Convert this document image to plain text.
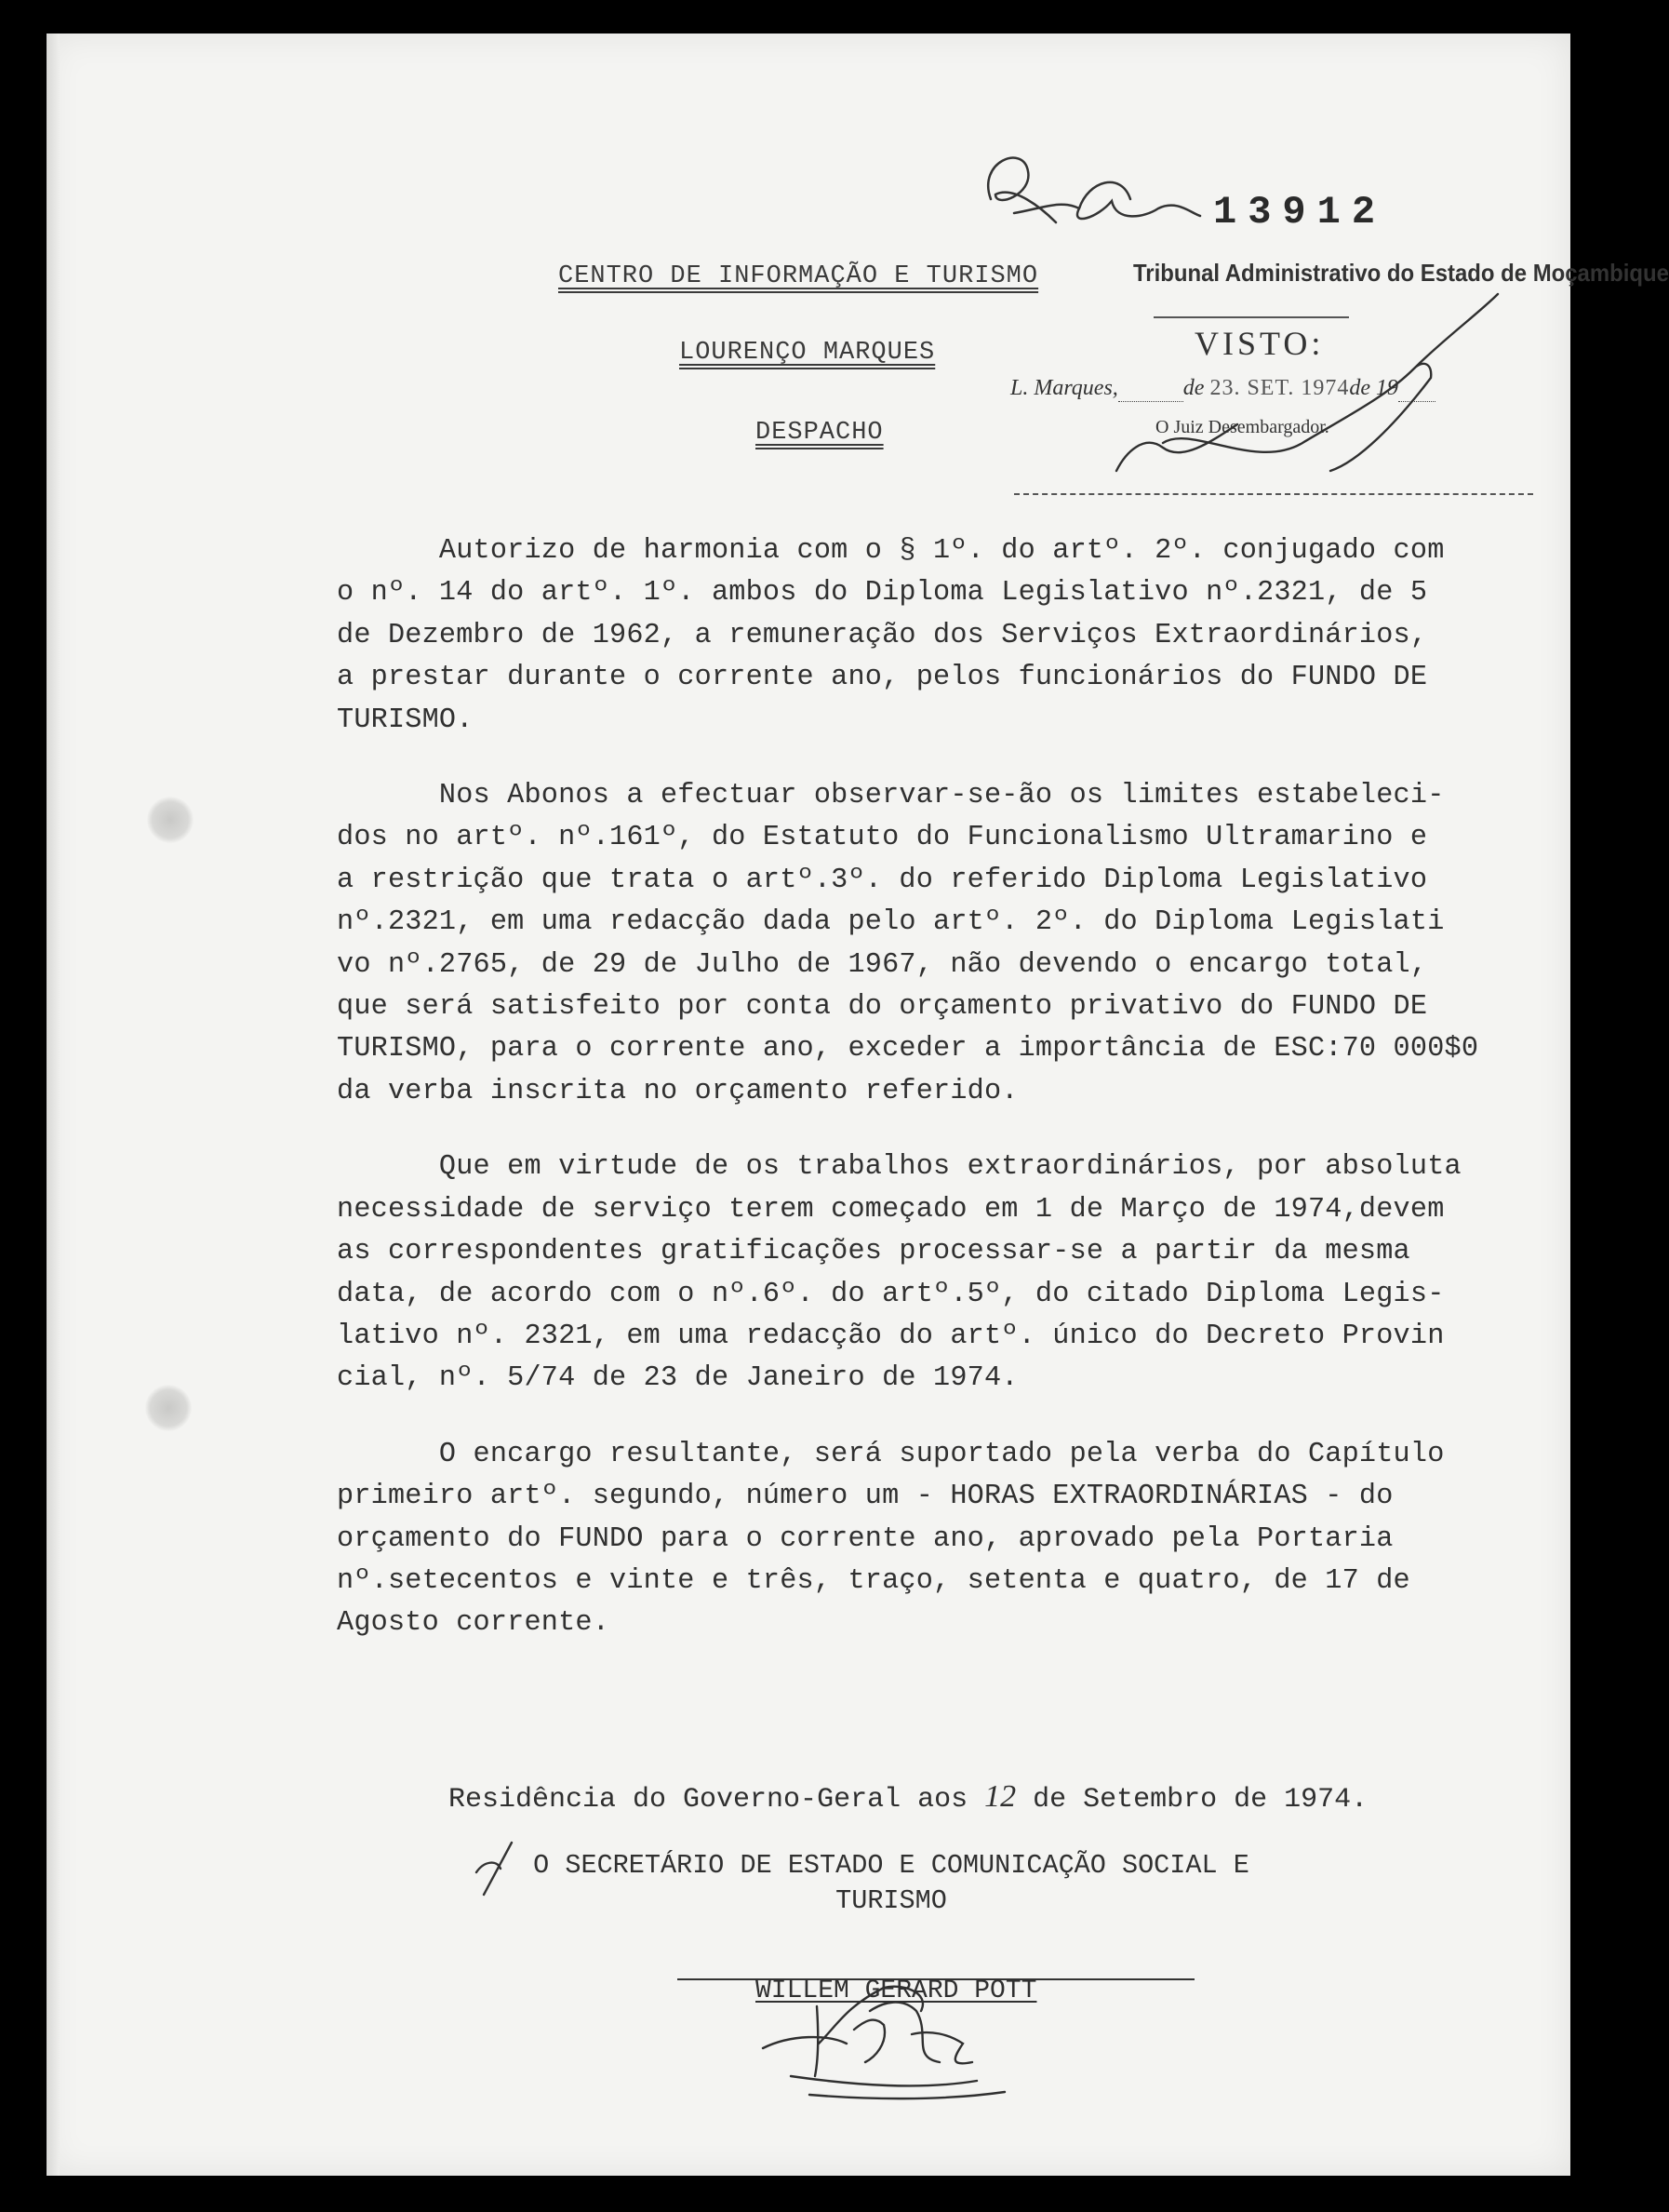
13912
CENTRO DE INFORMAÇÃO E TURISMO
LOURENÇO MARQUES
DESPACHO
Tribunal Administrativo do Estado de Moçambique
VISTO:
L. Marques,	de 23. SET. 1974de 19
O Juiz Desembargador.

Autorizo de harmonia com o § 1º. do artº. 2º. conjugado com
o nº. 14 do artº. 1º. ambos do Diploma Legislativo nº.2321, de 5
de Dezembro de 1962, a remuneração dos Serviços Extraordinários,
a prestar durante o corrente ano, pelos funcionários do FUNDO DE
TURISMO.

Nos Abonos a efectuar observar-se-ão os limites estabeleci-
dos no artº. nº.161º, do Estatuto do Funcionalismo Ultramarino e
a restrição que trata o artº.3º. do referido Diploma Legislativo
nº.2321, em uma redacção dada pelo artº. 2º. do Diploma Legislati
vo nº.2765, de 29 de Julho de 1967, não devendo o encargo total,
que será satisfeito por conta do orçamento privativo do FUNDO DE
TURISMO, para o corrente ano, exceder a importância de ESC:70 000$0
da verba inscrita no orçamento referido.

Que em virtude de os trabalhos extraordinários, por absoluta
necessidade de serviço terem começado em 1 de Março de 1974,devem
as correspondentes gratificações processar-se a partir da mesma
data, de acordo com o nº.6º. do artº.5º, do citado Diploma Legis-
lativo nº. 2321, em uma redacção do artº. único do Decreto Provin
cial, nº. 5/74 de 23 de Janeiro de 1974.

O encargo resultante, será suportado pela verba do Capítulo
primeiro artº. segundo, número um - HORAS EXTRAORDINÁRIAS - do
orçamento do FUNDO para o corrente ano, aprovado pela Portaria
nº.setecentos e vinte e três, traço, setenta e quatro, de 17 de
Agosto corrente.

Residência do Governo-Geral aos 12 de Setembro de 1974.
O SECRETÁRIO DE ESTADO E COMUNICAÇÃO SOCIAL E
TURISMO
WILLEM GERARD POTT
